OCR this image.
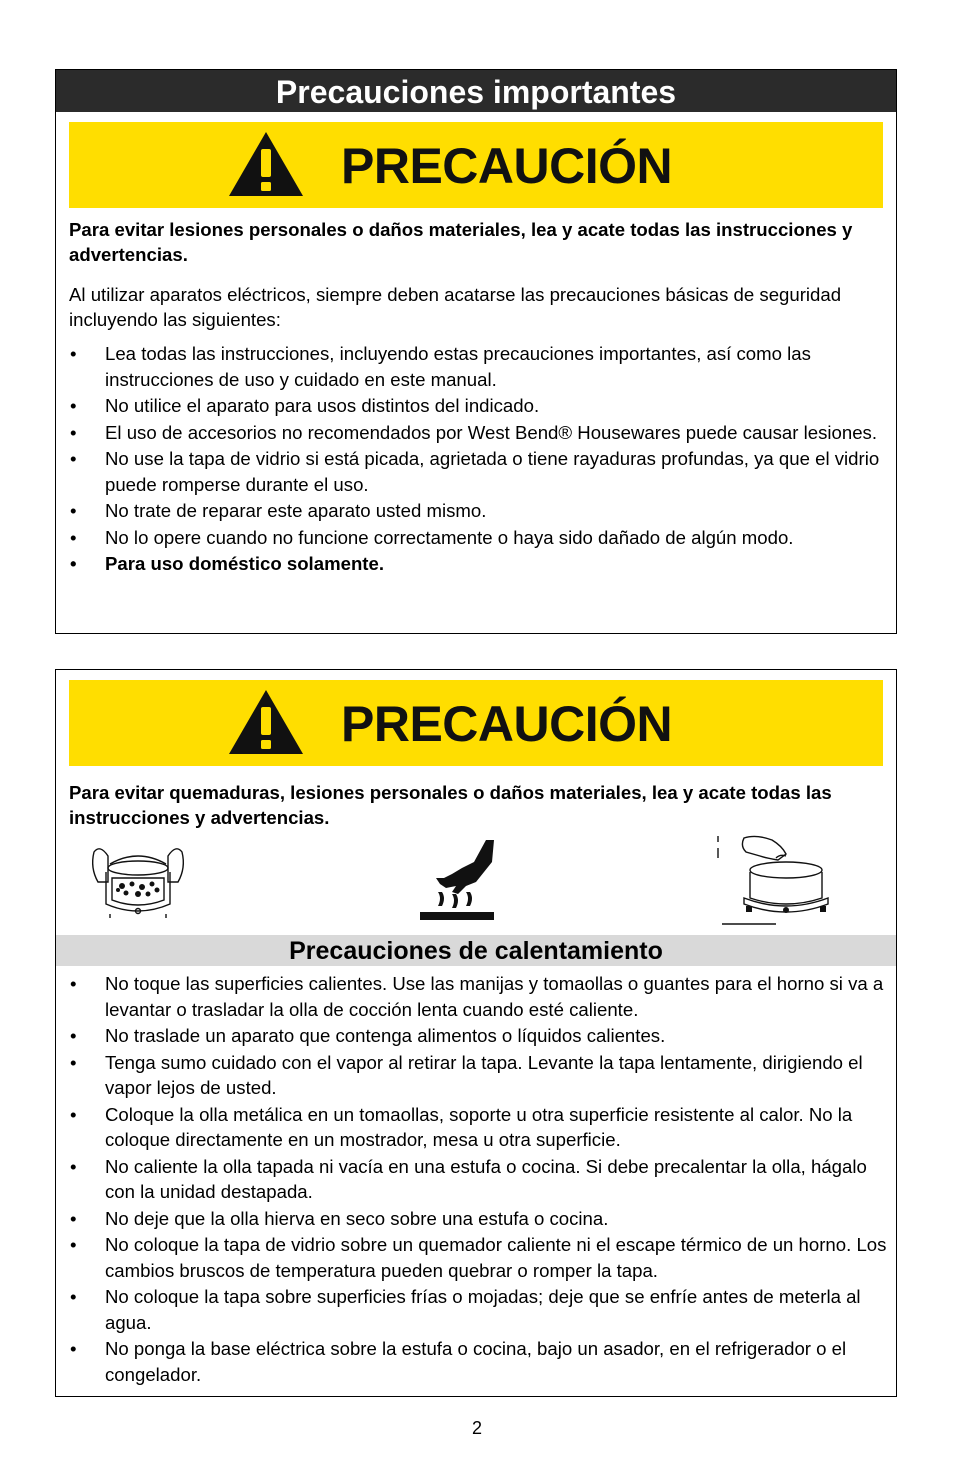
Precauciones importantes
PRECAUCIÓN

Para evitar lesiones personales o daños materiales, lea y acate todas las instrucciones y advertencias.

Al utilizar aparatos eléctricos, siempre deben acatarse las precauciones básicas de seguridad incluyendo las siguientes:

• Lea todas las instrucciones, incluyendo estas precauciones importantes, así como las instrucciones de uso y cuidado en este manual.
• No utilice el aparato para usos distintos del indicado.
• El uso de accesorios no recomendados por West Bend® Housewares puede causar lesiones.
• No use la tapa de vidrio si está picada, agrietada o tiene rayaduras profundas, ya que el vidrio puede romperse durante el uso.
• No trate de reparar este aparato usted mismo.
• No lo opere cuando no funcione correctamente o haya sido dañado de algún modo.
• Para uso doméstico solamente.
PRECAUCIÓN

Para evitar quemaduras, lesiones personales o daños materiales, lea y acate todas las instrucciones y advertencias.

Precauciones de calentamiento
• No toque las superficies calientes. Use las manijas y tomaollas o guantes para el horno si va a levantar o trasladar la olla de cocción lenta cuando esté caliente.
• No traslade un aparato que contenga alimentos o líquidos calientes.
• Tenga sumo cuidado con el vapor al retirar la tapa. Levante la tapa lentamente, dirigiendo el vapor lejos de usted.
• Coloque la olla metálica en un tomaollas, soporte u otra superficie resistente al calor. No la coloque directamente en un mostrador, mesa u otra superficie.
• No caliente la olla tapada ni vacía en una estufa o cocina. Si debe precalentar la olla, hágalo con la unidad destapada.
• No deje que la olla hierva en seco sobre una estufa o cocina.
• No coloque la tapa de vidrio sobre un quemador caliente ni el escape térmico de un horno. Los cambios bruscos de temperatura pueden quebrar o romper la tapa.
• No coloque la tapa sobre superficies frías o mojadas; deje que se enfríe antes de meterla al agua.
• No ponga la base eléctrica sobre la estufa o cocina, bajo un asador, en el refrigerador o el congelador.
2
